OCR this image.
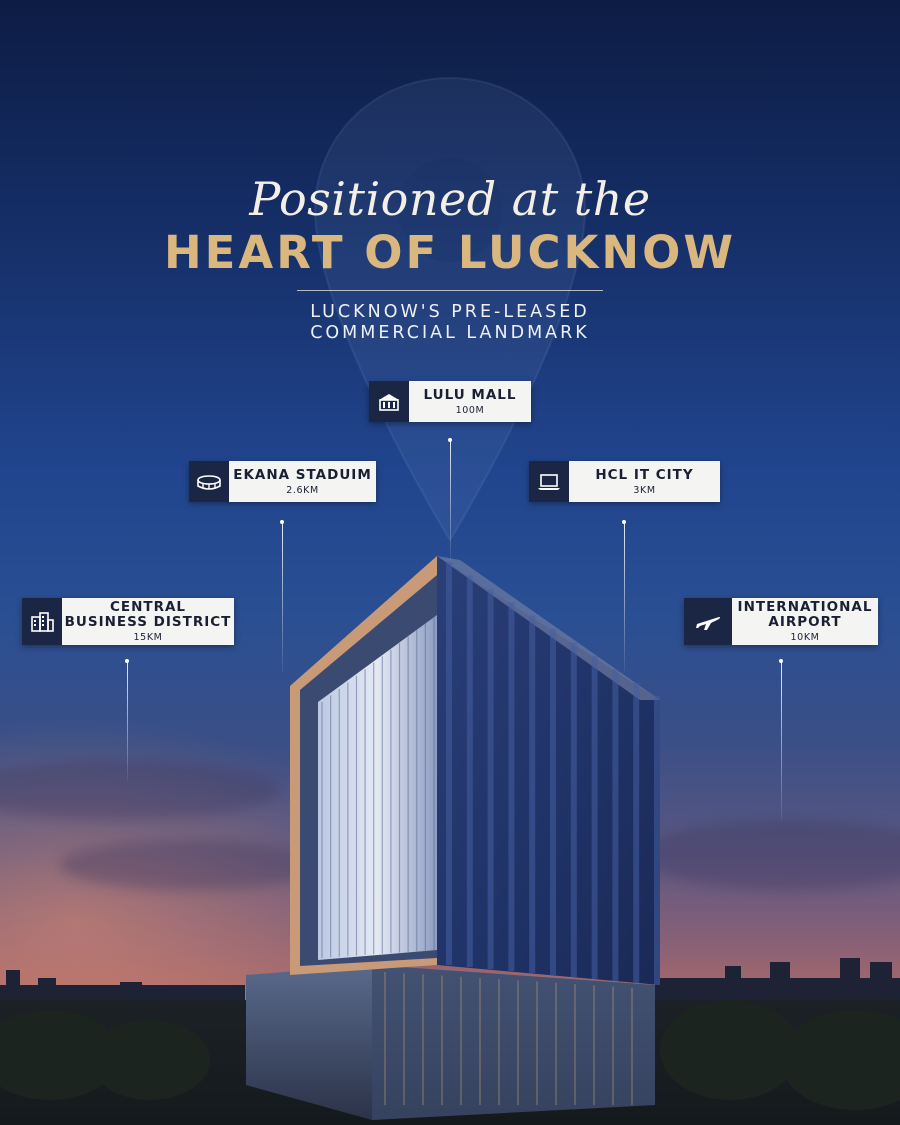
Positioned at the
HEART OF LUCKNOW
LUCKNOW'S PRE-LEASED
COMMERCIAL LANDMARK
LULU MALL
100M
EKANA STADUIM
2.6KM
HCL IT CITY
3KM
CENTRAL
BUSINESS DISTRICT
15KM
INTERNATIONAL
AIRPORT
10KM
